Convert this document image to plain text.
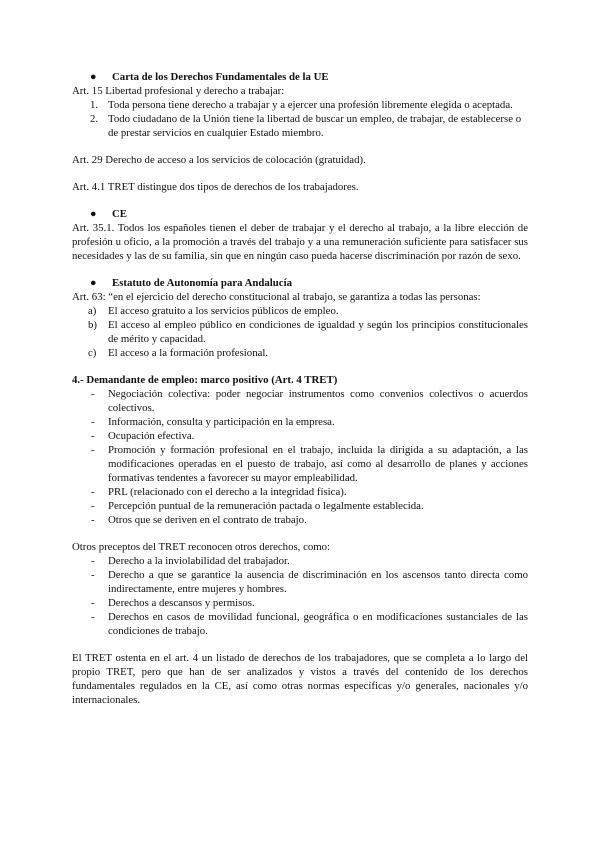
● Carta de los Derechos Fundamentales de la UE
Art. 15 Libertad profesional y derecho a trabajar:
1. Toda persona tiene derecho a trabajar y a ejercer una profesión libremente elegida o aceptada.
2. Todo ciudadano de la Unión tiene la libertad de buscar un empleo, de trabajar, de establecerse o de prestar servicios en cualquier Estado miembro.
Art. 29 Derecho de acceso a los servicios de colocación (gratuidad).
Art. 4.1 TRET distingue dos tipos de derechos de los trabajadores.
● CE
Art. 35.1. Todos los españoles tienen el deber de trabajar y el derecho al trabajo, a la libre elección de profesión u oficio, a la promoción a través del trabajo y a una remuneración suficiente para satisfacer sus necesidades y las de su familia, sin que en ningún caso pueda hacerse discriminación por razón de sexo.
● Estatuto de Autonomía para Andalucía
Art. 63: “en el ejercicio del derecho constitucional al trabajo, se garantiza a todas las personas:
a) El acceso gratuito a los servicios públicos de empleo.
b) El acceso al empleo público en condiciones de igualdad y según los principios constitucionales de mérito y capacidad.
c) El acceso a la formación profesional.
4.- Demandante de empleo: marco positivo (Art. 4 TRET)
- Negociación colectiva: poder negociar instrumentos como convenios colectivos o acuerdos colectivos.
- Información, consulta y participación en la empresa.
- Ocupación efectiva.
- Promoción y formación profesional en el trabajo, incluida la dirigida a su adaptación, a las modificaciones operadas en el puesto de trabajo, así como al desarrollo de planes y acciones formativas tendentes a favorecer su mayor empleabilidad.
- PRL (relacionado con el derecho a la integridad física).
- Percepción puntual de la remuneración pactada o legalmente establecida.
- Otros que se deriven en el contrato de trabajo.
Otros preceptos del TRET reconocen otros derechos, como:
- Derecho a la inviolabilidad del trabajador.
- Derecho a que se garantice la ausencia de discriminación en los ascensos tanto directa como indirectamente, entre mujeres y hombres.
- Derechos a descansos y permisos.
- Derechos en casos de movilidad funcional, geográfica o en modificaciones sustanciales de las condiciones de trabajo.
El TRET ostenta en el art. 4 un listado de derechos de los trabajadores, que se completa a lo largo del propio TRET, pero que han de ser analizados y vistos a través del contenido de los derechos fundamentales regulados en la CE, así como otras normas específicas y/o generales, nacionales y/o internacionales.
